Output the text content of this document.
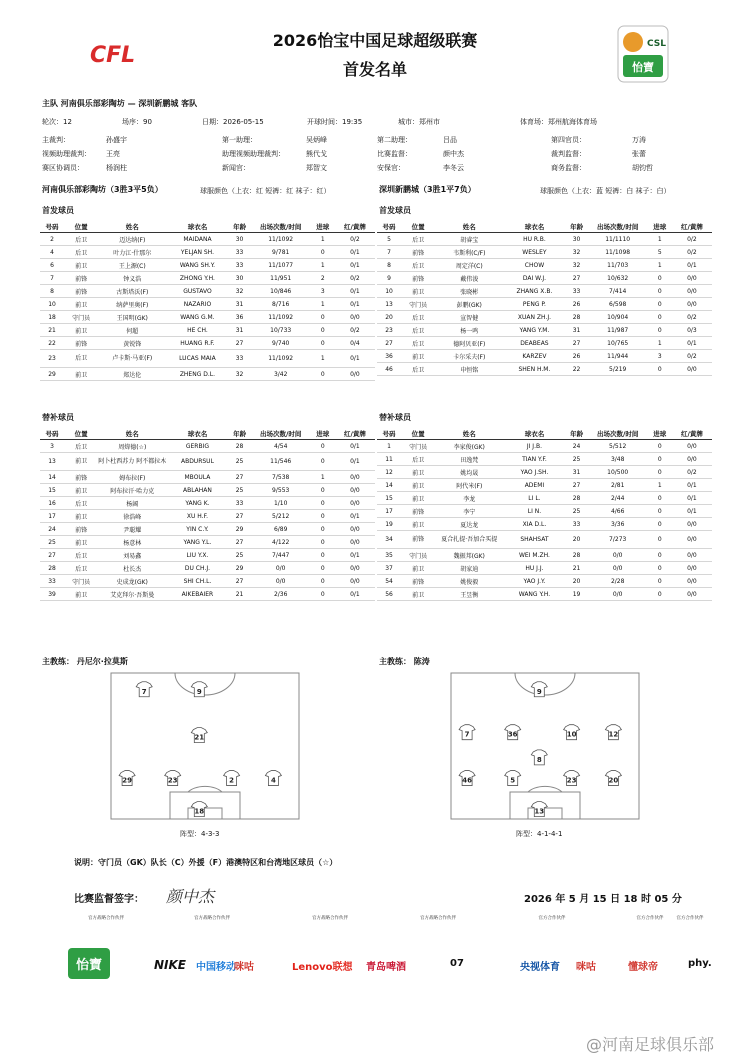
2026怡宝中国足球超级联赛
首发名单
CFL	CSL
怡寶
主队 河南俱乐部彩陶坊 — 深圳新鹏城 客队
轮次：12	场序：90	日期：2026-05-15	开球时间：19:35	城市：郑州市	体育场：郑州航海体育场
主裁判：	孙盛宇	第一助理：	吴炳峰	第二助理：	吕品	第四官员：	万涛
视频助理裁判： 王亮	助理视频助理裁判：	熊代戈	比赛监督：	颜中杰	裁判监督：	张蕾
赛区协调员：	杨润柱	新闻官：	郑智文	安保官：	李冬云	商务监督：	胡钧哲
河南俱乐部彩陶坊（3胜3平5负）	球服颜色（上衣：红 短裤：红 袜子：红）	深圳新鹏城（3胜1平7负）	球服颜色（上衣：蓝 短裤：白 袜子：白）
首发球员	首发球员
号码	位置	姓名	球衣名	年龄	出场次数/时间	进球	红/黄牌
2	后卫	迈达纳(F)	MAIDANA	30	11/1092	1	0/2
4	后卫	叶力江·什那尔	YELJAN SH.	33	9/781	0	0/1
6	前卫	王上源(C)	WANG SH.Y.	33	11/1077	1	0/1
7	前锋	钟义浩	ZHONG Y.H.	30	11/951	2	0/2
8	前锋	古斯塔沃(F)	GUSTAVO	32	10/846	3	0/1
10	前卫	纳萨里奥(F)	NAZARIO	31	8/716	1	0/1
18	守门员	王国明(GK)	WANG G.M.	36	11/1092	0	0/0
21	前卫	何超	HE CH.	31	10/733	0	0/2
22	前锋	黄锐锋	HUANG R.F.	27	9/740	0	0/4
23	后卫	卢卡斯·马亚(F)	LUCAS MAIA	33	11/1092	1	0/1
29	前卫	郑达伦	ZHENG D.L.	32	3/42	0	0/0
号码	位置	姓名	球衣名	年龄	出场次数/时间	进球	红/黄牌
5	后卫	胡睿宝	HU R.B.	30	11/1110	1	0/2
7	前锋	韦斯利(C/F)	WESLEY	32	11/1098	5	0/2
8	后卫	周定洋(C)	CHOW	32	11/703	1	0/1
9	前锋	戴伟浚	DAI W.J.	27	10/632	0	0/0
10	前卫	张晓彬	ZHANG X.B.	33	7/414	0	0/0
13	守门员	彭鹏(GK)	PENG P.	26	6/598	0	0/0
20	后卫	宣智健	XUAN ZH.J.	28	10/904	0	0/2
23	后卫	杨一鸣	YANG Y.M.	31	11/987	0	0/3
27	后卫	德阿贝亚(F)	DEABEAS	27	10/765	1	0/1
36	前卫	卡尔采夫(F)	KARZEV	26	11/944	3	0/2
46	后卫	申恒铭	SHEN H.M.	22	5/219	0	0/0
替补球员	替补球员
号码	位置	姓名	球衣名	年龄	出场次数/时间	进球	红/黄牌
3	后卫	周煒德(☆)	GERBIG	28	4/54	0	0/1
13	前卫	阿卜杜西苏力 阿不都拉木	ABDURSUL	25	11/546	0	0/1
14	前锋	姆布拉(F)	MBOULA	27	7/538	1	0/0
15	前卫	阿布拉汗·哈力克	ABLAHAN	25	9/553	0	0/0
16	后卫	杨阔	YANG K.	33	1/10	0	0/0
17	前卫	徐浩峰	XU H.F.	27	5/212	0	0/1
24	前锋	尹聪耀	YIN C.Y.	29	6/89	0	0/0
25	前卫	杨意林	YANG Y.L.	27	4/122	0	0/0
27	后卫	刘易鑫	LIU Y.X.	25	7/447	0	0/1
28	后卫	杜长杰	DU CH.J.	29	0/0	0	0/0
33	守门员	史成龙(GK)	SHI CH.L.	27	0/0	0	0/0
39	前卫	艾克拜尔·吾斯曼	AIKEBAIER	21	2/36	0	0/1
号码	位置	姓名	球衣名	年龄	出场次数/时间	进球	红/黄牌
1	守门员	李家俊(GK)	JI J.B.	24	5/512	0	0/0
11	后卫	田逸梵	TIAN Y.F.	25	3/48	0	0/0
12	前卫	姚均晟	YAO J.SH.	31	10/500	0	0/2
14	前卫	阿代米(F)	ADEMI	27	2/81	1	0/1
15	前卫	李龙	LI L.	28	2/44	0	0/1
17	前锋	李宁	LI N.	25	4/66	0	0/1
19	前卫	夏达龙	XIA D.L.	33	3/36	0	0/0
34	前锋	夏合扎提·吾加合买提	SHAHSAT	20	7/273	0	0/0
35	守门员	魏振邦(GK)	WEI M.ZH.	28	0/0	0	0/0
37	前卫	胡家迪	HU J.J.	21	0/0	0	0/0
54	前锋	姚俊毅	YAO J.Y.	20	2/28	0	0/0
56	前卫	王昱衡	WANG Y.H.	19	0/0	0	0/0
主教练： 丹尼尔·拉莫斯	主教练： 陈涛
7	9
21
29	23	2	4
18
9
7	36	10	12
8
46	5	23	20
13
阵型：4-3-3	阵型：4-1-4-1
说明：守门员（GK）队长（C）外援（F）港澳特区和台湾地区球员（☆）
比赛监督签字： 颜中杰	2026 年 5 月 15 日 18 时 05 分
官方战略合作伙伴	官方战略合作伙伴	官方战略合作伙伴	官方战略合作伙伴	官方合作伙伴	官方合作伙伴	官方合作伙伴
怡寶	NIKE 中国移动
咪咕	Lenovo联想 青岛啤酒	07	央视体育 咪咕	懂球帝	phy.
@河南足球俱乐部
